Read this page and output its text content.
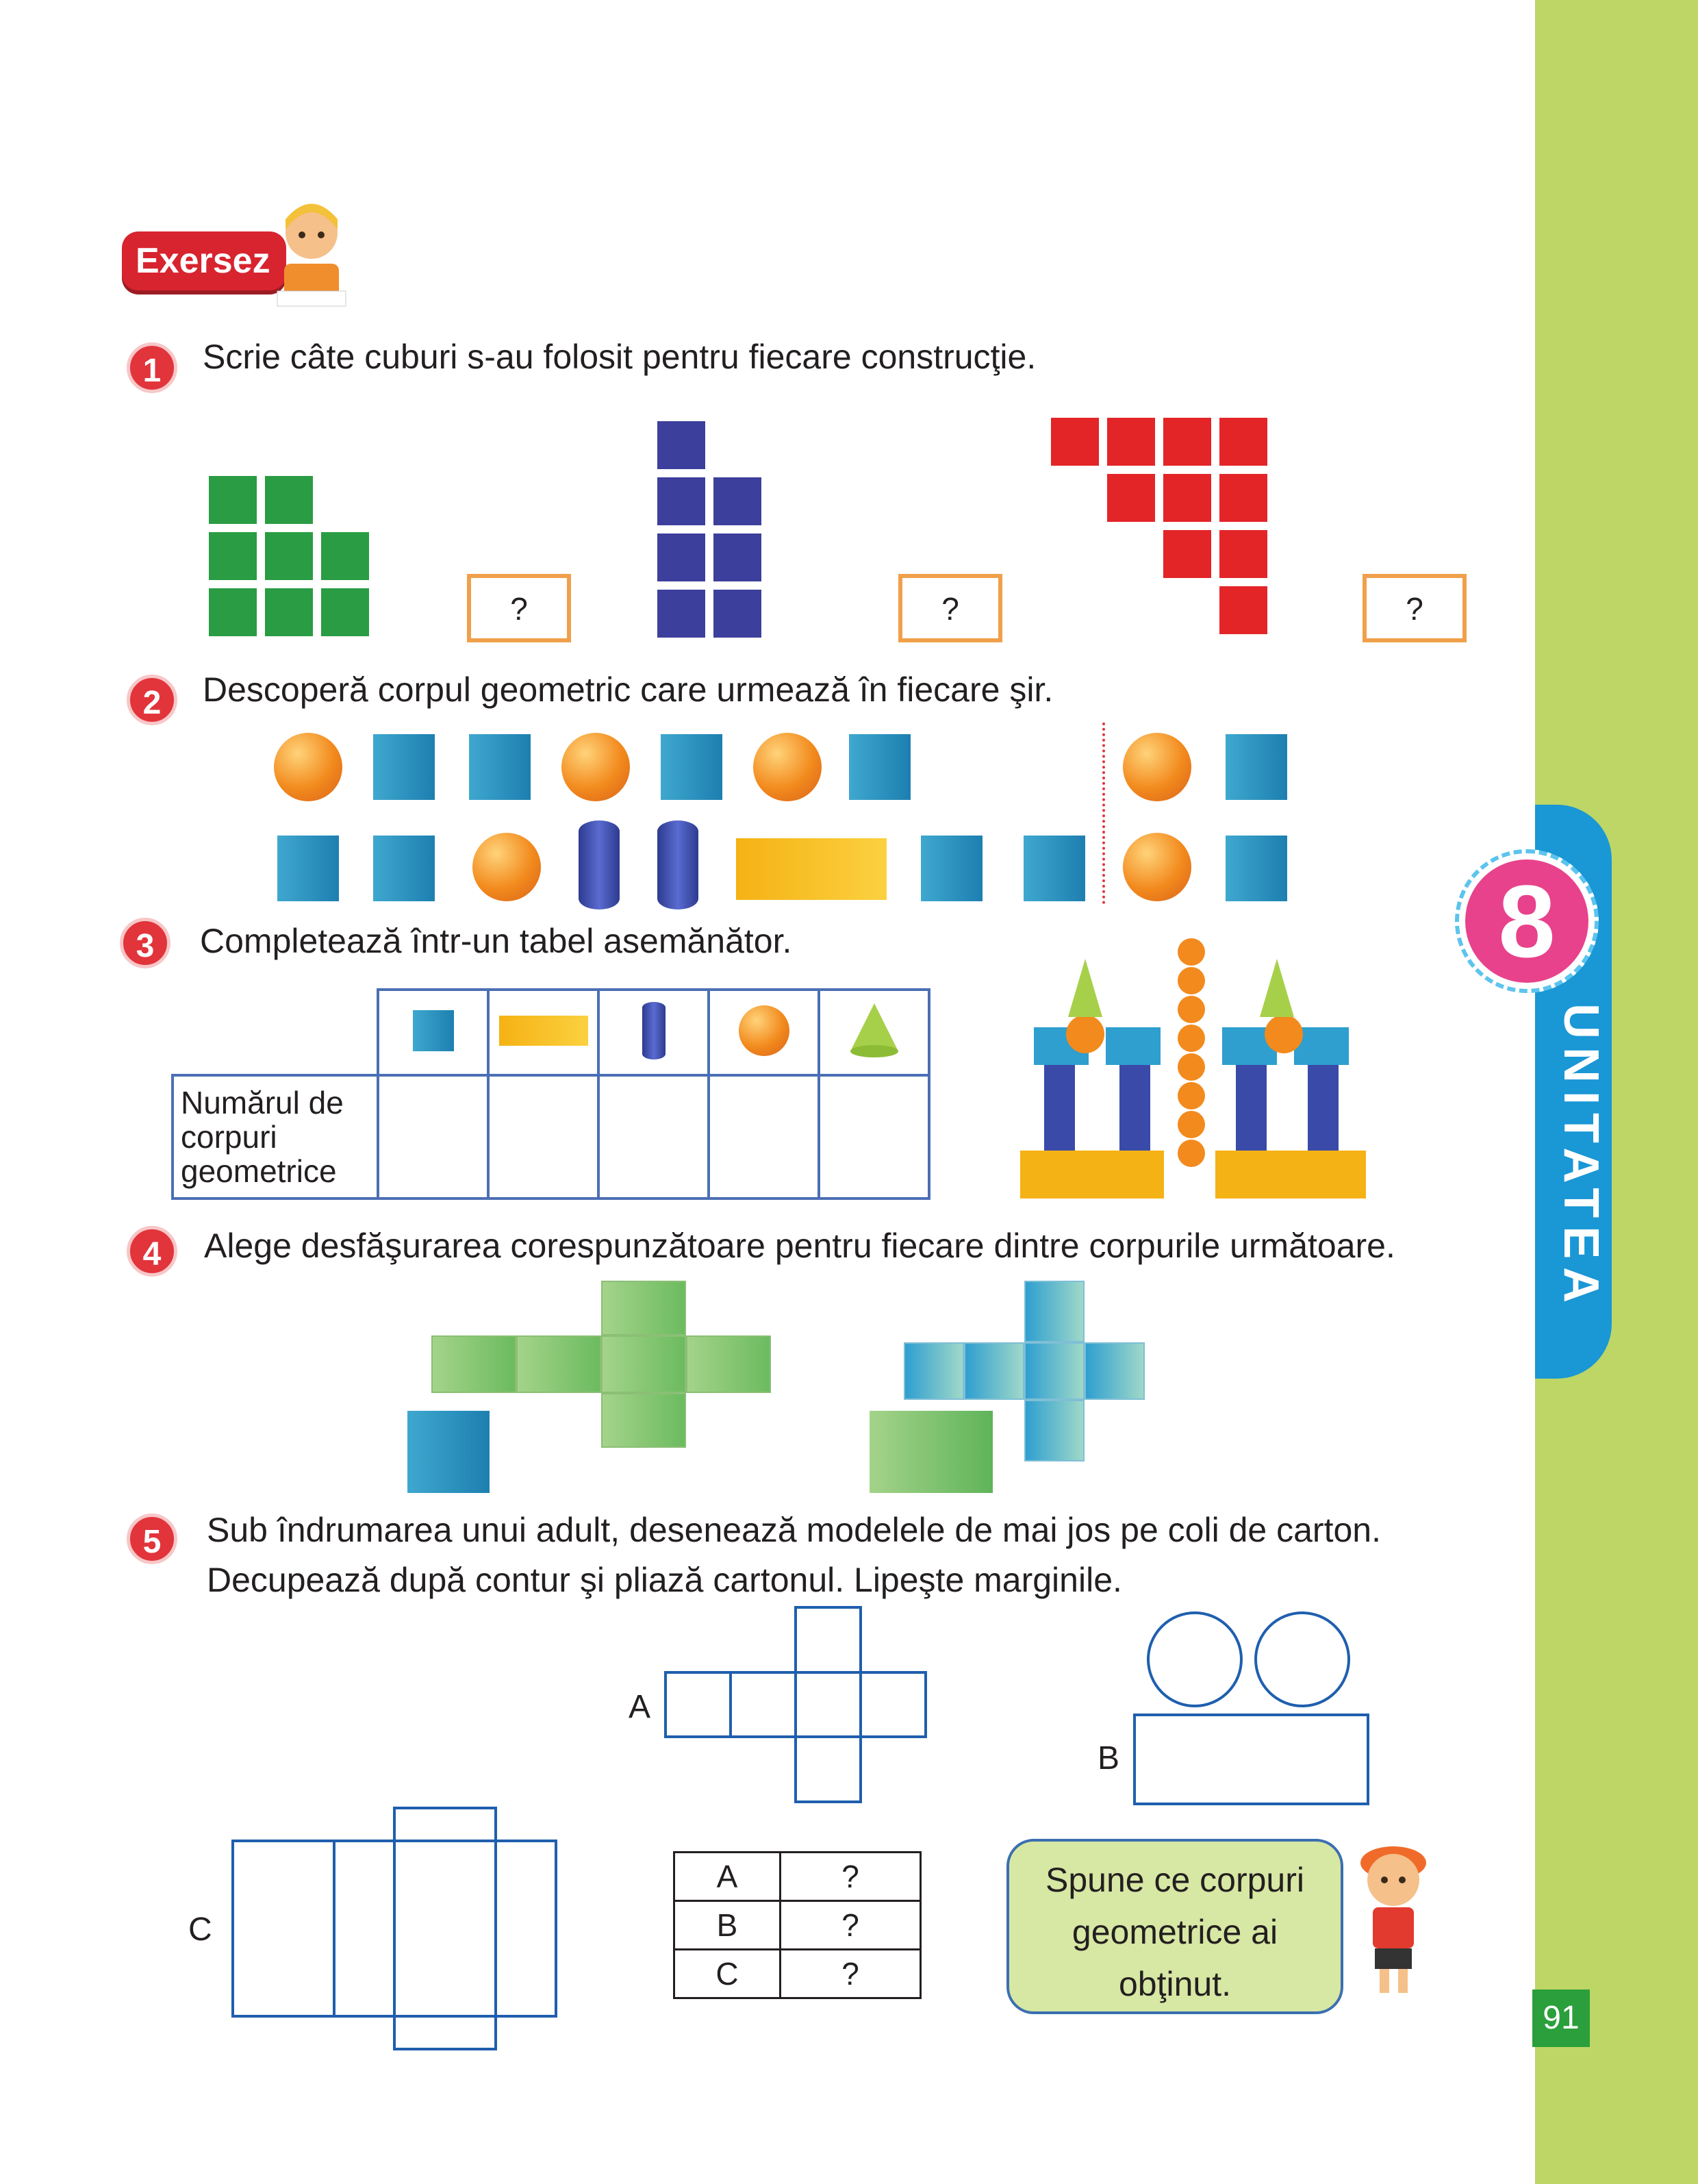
UNITATEA
8
91
Exersez
1	Scrie câte cuburi s-au folosit pentru fiecare construcţie.
?	?	?
2	Descoperă corpul geometric care urmează în fiecare şir.
3	Completează într-un tabel asemănător.

Numărul de corpuri geometrice					
4	Alege desfăşurarea corespunzătoare pentru fiecare dintre corpurile următoare.
5	Sub îndrumarea unui adult, desenează modelele de mai jos pe coli de carton.
Decupează după contur şi pliază cartonul. Lipeşte marginile.
A
B
C
A	?
B	?
C	?
Spune ce corpuri
geometrice ai
obţinut.
